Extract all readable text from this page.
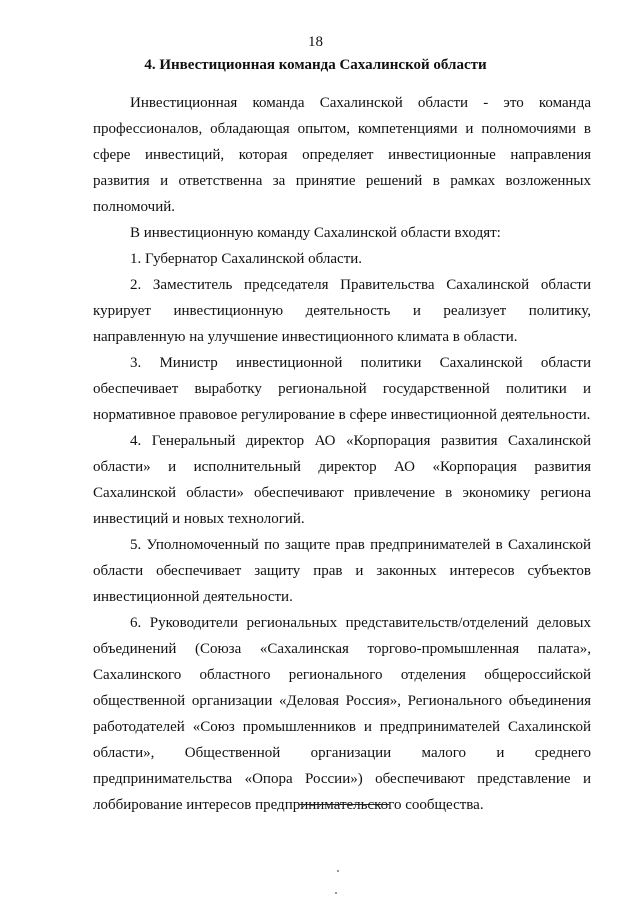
18
4. Инвестиционная команда Сахалинской области

Инвестиционная команда Сахалинской области - это команда профессионалов, обладающая опытом, компетенциями и полномочиями в сфере инвестиций, которая определяет инвестиционные направления развития и ответственна за принятие решений в рамках возложенных полномочий.

В инвестиционную команду Сахалинской области входят:

1. Губернатор Сахалинской области.

2. Заместитель председателя Правительства Сахалинской области курирует инвестиционную деятельность и реализует политику, направленную на улучшение инвестиционного климата в области.

3. Министр инвестиционной политики Сахалинской области обеспечивает выработку региональной государственной политики и нормативное правовое регулирование в сфере инвестиционной деятельности.

4. Генеральный директор АО «Корпорация развития Сахалинской области» и исполнительный директор АО «Корпорация развития Сахалинской области» обеспечивают привлечение в экономику региона инвестиций и новых технологий.

5. Уполномоченный по защите прав предпринимателей в Сахалинской области обеспечивает защиту прав и законных интересов субъектов инвестиционной деятельности.

6. Руководители региональных представительств/отделений деловых объединений (Союза «Сахалинская торгово-промышленная палата», Сахалинского областного регионального отделения общероссийской общественной организации «Деловая Россия», Регионального объединения работодателей «Союз промышленников и предпринимателей Сахалинской области», Общественной организации малого и среднего предпринимательства «Опора России») обеспечивают представление и лоббирование интересов предпринимательского сообщества.
